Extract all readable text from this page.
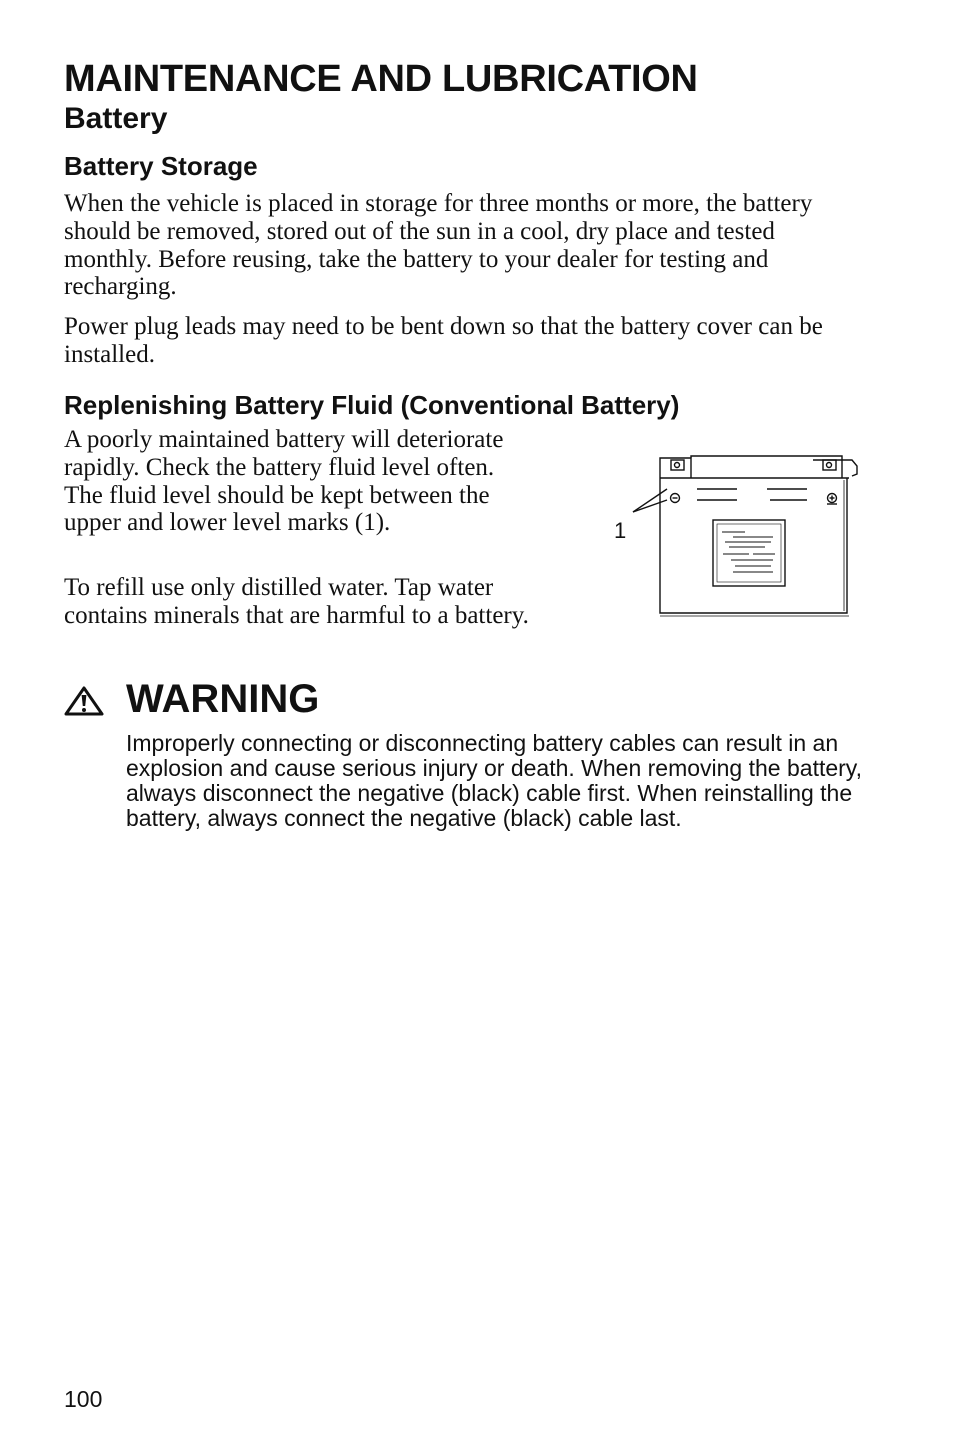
MAINTENANCE AND LUBRICATION
Battery
Battery Storage

When the vehicle is placed in storage for three months or more, the battery should be removed, stored out of the sun in a cool, dry place and tested monthly. Before reusing, take the battery to your dealer for testing and recharging.

Power plug leads may need to be bent down so that the battery cover can be installed.

Replenishing Battery Fluid (Conventional Battery)

A poorly maintained battery will deteriorate rapidly. Check the battery fluid level often. The fluid level should be kept between the upper and lower level marks (1).

To refill use only distilled water. Tap water contains minerals that are harmful to a battery.

1
WARNING

Improperly connecting or disconnecting battery cables can result in an explosion and cause serious injury or death. When removing the battery, always disconnect the negative (black) cable first. When reinstalling the battery, always connect the negative (black) cable last.

100
